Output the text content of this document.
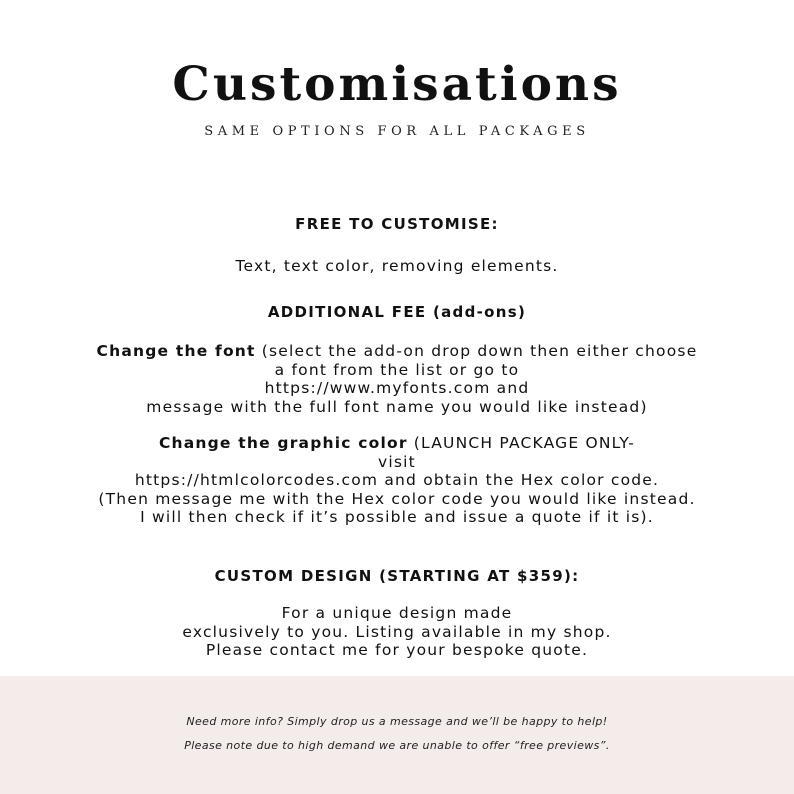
Customisations
SAME OPTIONS FOR ALL PACKAGES
FREE TO CUSTOMISE:
Text, text color, removing elements.
ADDITIONAL FEE (add-ons)
Change the font (select the add-on drop down then either choose
a font from the list or go to
https://www.myfonts.com and
message with the full font name you would like instead)
Change the graphic color (LAUNCH PACKAGE ONLY-
visit
https://htmlcolorcodes.com and obtain the Hex color code.
(Then message me with the Hex color code you would like instead.
I will then check if it’s possible and issue a quote if it is).
CUSTOM DESIGN (STARTING AT $359):
For a unique design made
exclusively to you. Listing available in my shop.
Please contact me for your bespoke quote.
Need more info? Simply drop us a message and we’ll be happy to help!
Please note due to high demand we are unable to offer “free previews”.
